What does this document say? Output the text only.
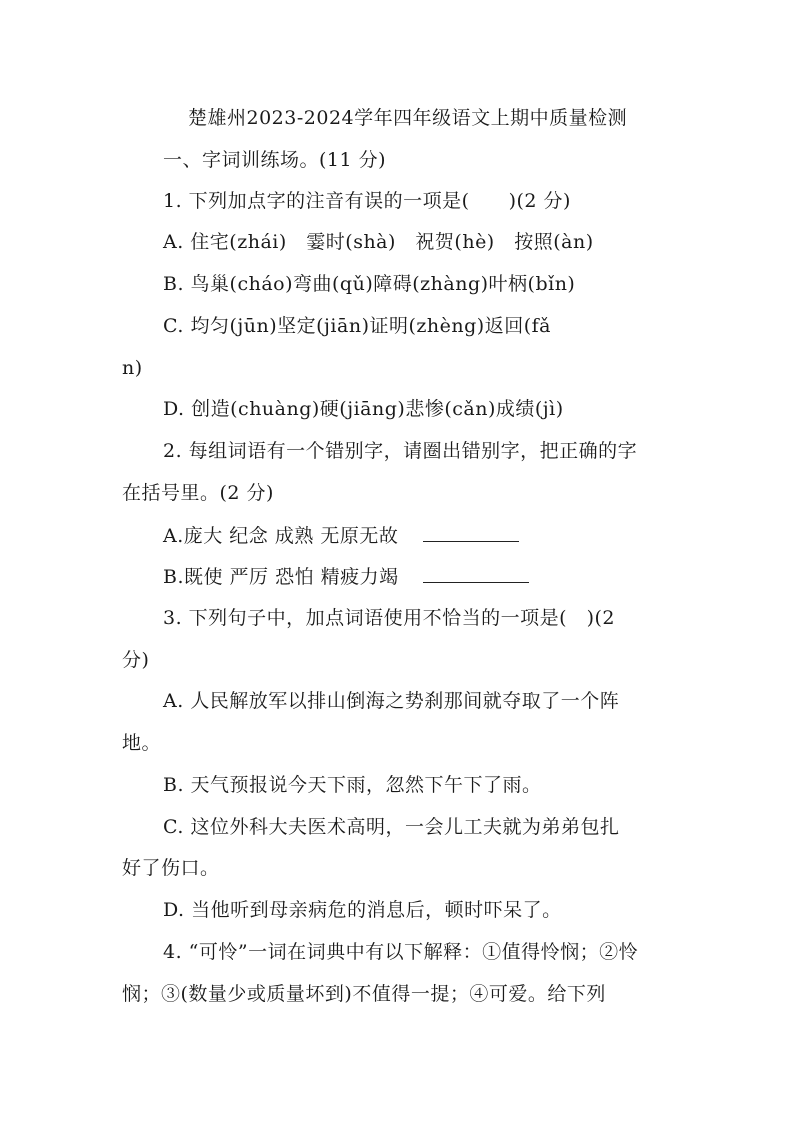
楚雄州2023-2024学年四年级语文上期中质量检测
一、字词训练场。(11 分)
1. 下列加点字的注音有误的一项是(　　)(2 分)
A. 住宅(zhái)　霎时(shà)　祝贺(hè)　按照(àn)
B. 鸟巢(cháo)弯曲(qǔ)障碍(zhàng)叶柄(bǐn)
C. 均匀(jūn)坚定(jiān)证明(zhèng)返回(fǎ
n)
D. 创造(chuàng)硬(jiāng)悲惨(cǎn)成绩(jì)
2. 每组词语有一个错别字，请圈出错别字，把正确的字
在括号里。(2 分)
A.庞大 纪念 成熟 无原无故
B.既使 严厉 恐怕 精疲力竭
3. 下列句子中，加点词语使用不恰当的一项是(　)(2
分)
A. 人民解放军以排山倒海之势刹那间就夺取了一个阵
地。
B. 天气预报说今天下雨，忽然下午下了雨。
C. 这位外科大夫医术高明，一会儿工夫就为弟弟包扎
好了伤口。
D. 当他听到母亲病危的消息后，顿时吓呆了。
4. “可怜”一词在词典中有以下解释：①值得怜悯；②怜
悯；③(数量少或质量坏到)不值得一提；④可爱。给下列
